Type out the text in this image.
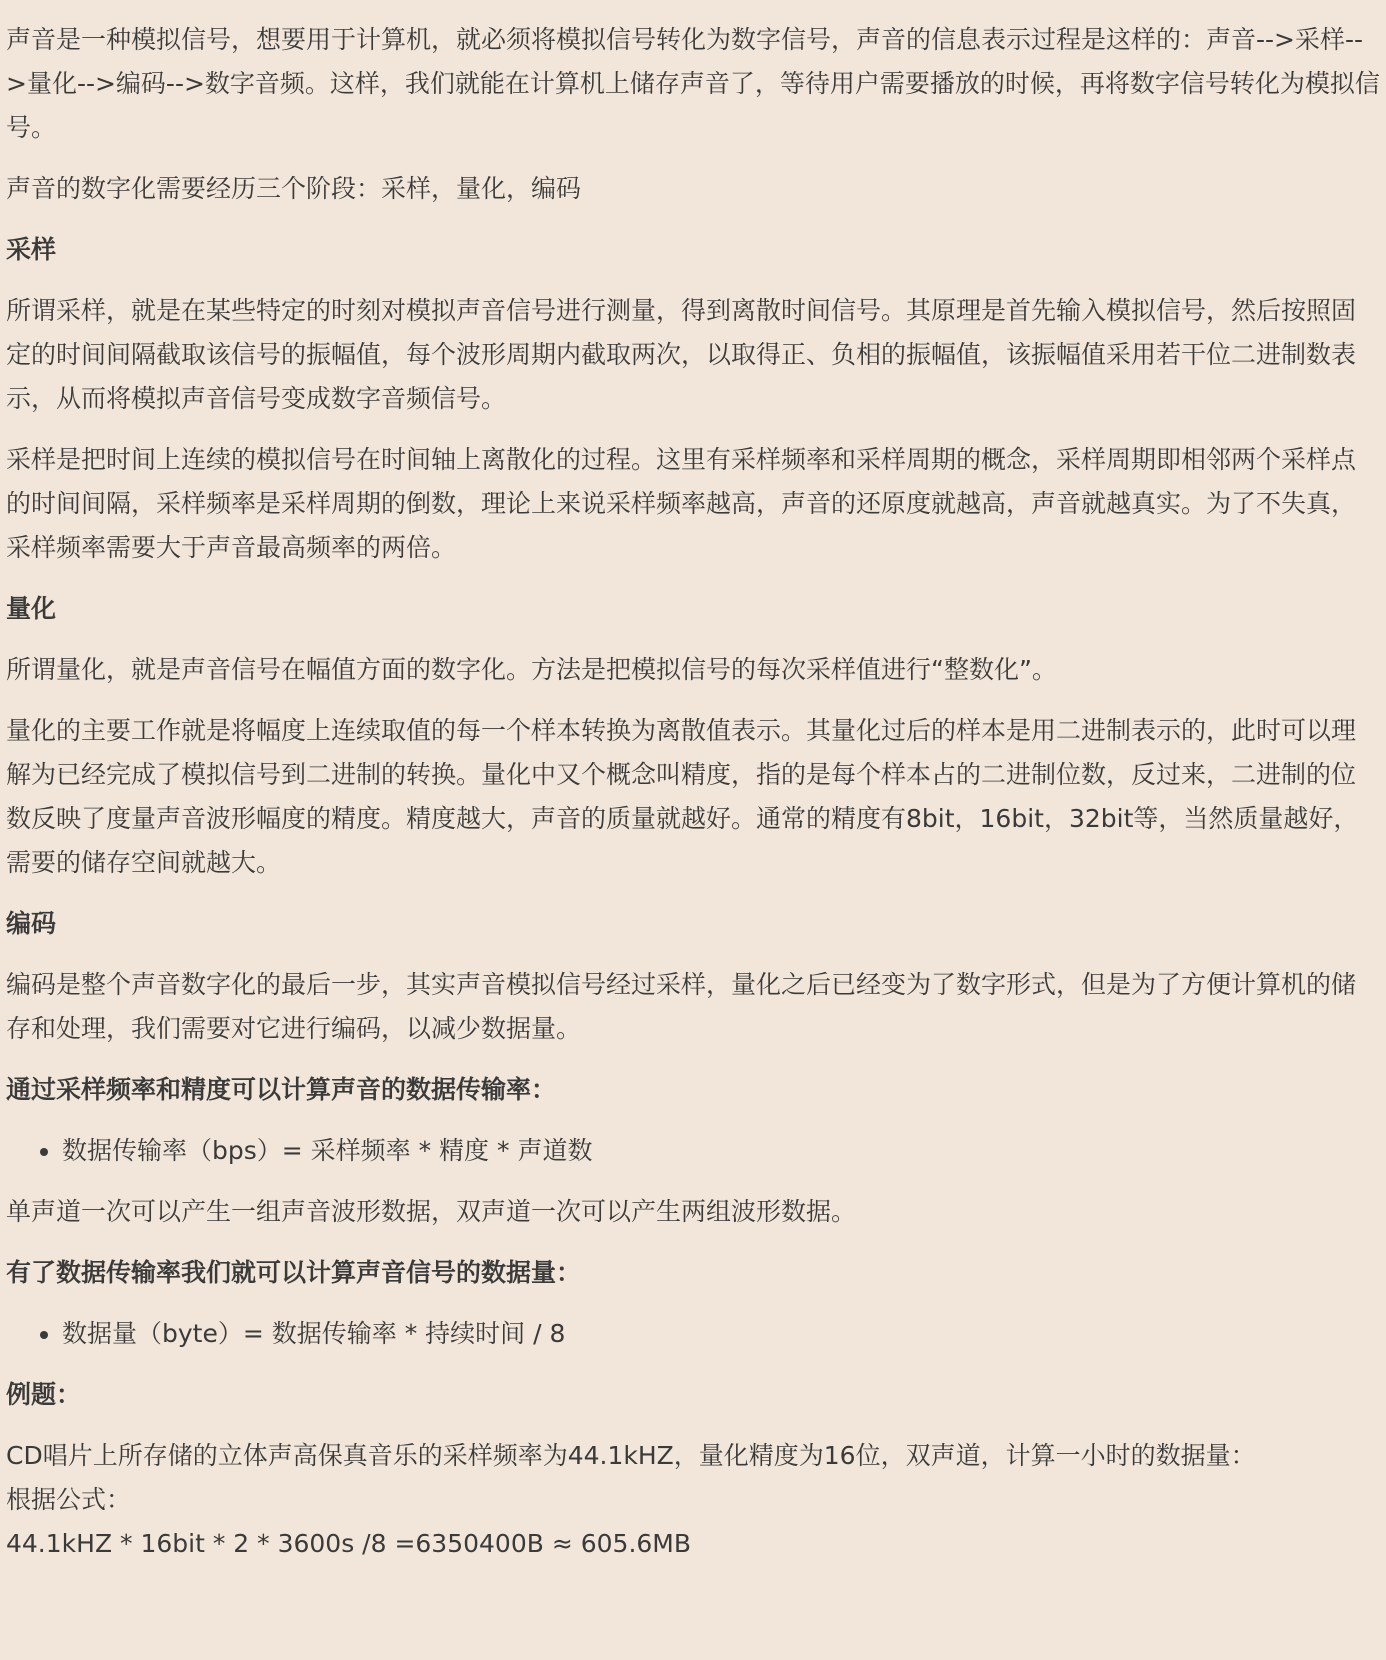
声音是一种模拟信号，想要用于计算机，就必须将模拟信号转化为数字信号，声音的信息表示过程是这样的：声音-->采样-->量化-->编码-->数字音频。这样，我们就能在计算机上储存声音了，等待用户需要播放的时候，再将数字信号转化为模拟信号。

声音的数字化需要经历三个阶段：采样，量化，编码

采样

所谓采样，就是在某些特定的时刻对模拟声音信号进行测量，得到离散时间信号。其原理是首先输入模拟信号，然后按照固定的时间间隔截取该信号的振幅值，每个波形周期内截取两次，以取得正、负相的振幅值，该振幅值采用若干位二进制数表示，从而将模拟声音信号变成数字音频信号。

采样是把时间上连续的模拟信号在时间轴上离散化的过程。这里有采样频率和采样周期的概念，采样周期即相邻两个采样点的时间间隔，采样频率是采样周期的倒数，理论上来说采样频率越高，声音的还原度就越高，声音就越真实。为了不失真，采样频率需要大于声音最高频率的两倍。

量化

所谓量化，就是声音信号在幅值方面的数字化。方法是把模拟信号的每次采样值进行“整数化”。

量化的主要工作就是将幅度上连续取值的每一个样本转换为离散值表示。其量化过后的样本是用二进制表示的，此时可以理解为已经完成了模拟信号到二进制的转换。量化中又个概念叫精度，指的是每个样本占的二进制位数，反过来，二进制的位数反映了度量声音波形幅度的精度。精度越大，声音的质量就越好。通常的精度有8bit，16bit，32bit等，当然质量越好，需要的储存空间就越大。

编码

编码是整个声音数字化的最后一步，其实声音模拟信号经过采样，量化之后已经变为了数字形式，但是为了方便计算机的储存和处理，我们需要对它进行编码，以减少数据量。

通过采样频率和精度可以计算声音的数据传输率：

数据传输率（bps）= 采样频率 * 精度 * 声道数

单声道一次可以产生一组声音波形数据，双声道一次可以产生两组波形数据。

有了数据传输率我们就可以计算声音信号的数据量：

数据量（byte）= 数据传输率 * 持续时间 / 8

例题：

CD唱片上所存储的立体声高保真音乐的采样频率为44.1kHZ，量化精度为16位，双声道，计算一小时的数据量：

根据公式：

44.1kHZ * 16bit * 2 * 3600s /8 =6350400B ≈ 605.6MB
